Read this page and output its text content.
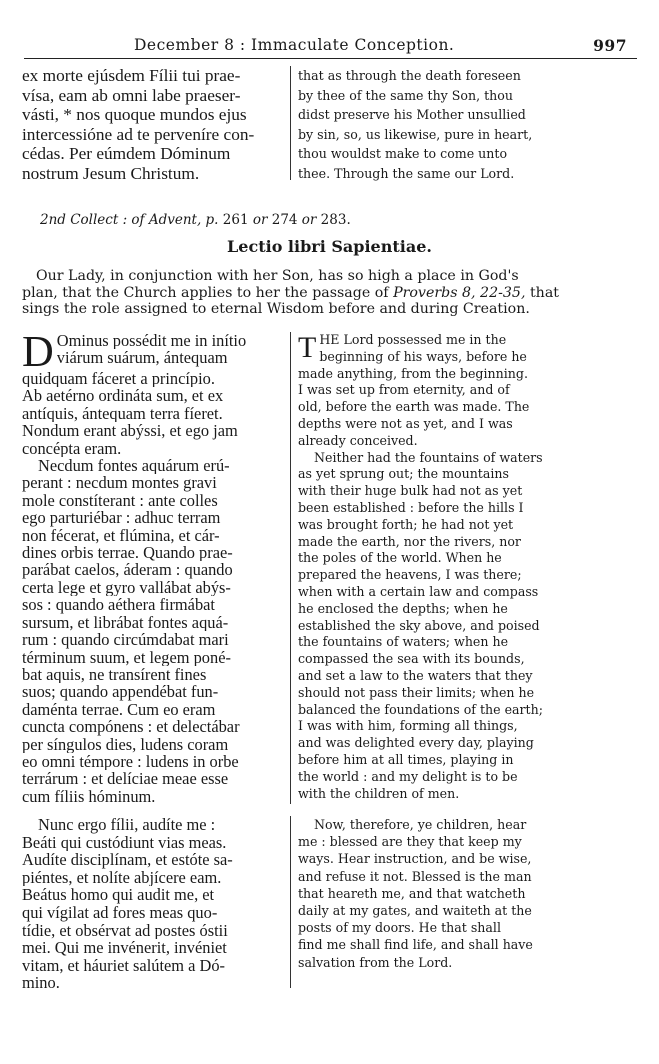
December 8 : Immaculate Conception.	997
ex morte ejúsdem Fílii tui prae-
vísa, eam ab omni labe praeser-
vásti, * nos quoque mundos ejus
intercessióne ad te perveníre con-
cédas. Per eúmdem Dóminum
nostrum Jesum Christum.
that as through the death foreseen
by thee of the same thy Son, thou
didst preserve his Mother unsullied
by sin, so, us likewise, pure in heart,
thou wouldst make to come unto
thee. Through the same our Lord.
2nd Collect : of Advent, p. 261 or 274 or 283.
Lectio libri Sapientiae.
Our Lady, in conjunction with her Son, has so high a place in God's
plan, that the Church applies to her the passage of Proverbs 8, 22-35, that
sings the role assigned to eternal Wisdom before and during Creation.
D Ominus possédit me in inítio
viárum suárum, ántequam
quidquam fáceret a princípio.
Ab aetérno ordináta sum, et ex
antíquis, ántequam terra fíeret.
Nondum erant abýssi, et ego jam
concépta eram.
Necdum fontes aquárum erú-
perant : necdum montes gravi
mole constíterant : ante colles
ego parturiébar : adhuc terram
non fécerat, et flúmina, et cár-
dines orbis terrae. Quando prae-
parábat caelos, áderam : quando
certa lege et gyro vallábat abýs-
sos : quando aéthera firmábat
sursum, et librábat fontes aquá-
rum : quando circúmdabat mari
términum suum, et legem poné-
bat aquis, ne transírent fines
suos; quando appendébat fun-
daménta terrae. Cum eo eram
cuncta compónens : et delectábar
per síngulos dies, ludens coram
eo omni témpore : ludens in orbe
terrárum : et delíciae meae esse
cum fíliis hóminum.
T HE Lord possessed me in the
beginning of his ways, before he
made anything, from the beginning.
I was set up from eternity, and of
old, before the earth was made. The
depths were not as yet, and I was
already conceived.
Neither had the fountains of waters
as yet sprung out; the mountains
with their huge bulk had not as yet
been established : before the hills I
was brought forth; he had not yet
made the earth, nor the rivers, nor
the poles of the world. When he
prepared the heavens, I was there;
when with a certain law and compass
he enclosed the depths; when he
established the sky above, and poised
the fountains of waters; when he
compassed the sea with its bounds,
and set a law to the waters that they
should not pass their limits; when he
balanced the foundations of the earth;
I was with him, forming all things,
and was delighted every day, playing
before him at all times, playing in
the world : and my delight is to be
with the children of men.
Nunc ergo fílii, audíte me :
Beáti qui custódiunt vias meas.
Audíte disciplínam, et estóte sa-
piéntes, et nolíte abjícere eam.
Beátus homo qui audit me, et
qui vígilat ad fores meas quo-
tídie, et obsérvat ad postes óstii
mei. Qui me invénerit, invéniet
vitam, et háuriet salútem a Dó-
mino.
Now, therefore, ye children, hear
me : blessed are they that keep my
ways. Hear instruction, and be wise,
and refuse it not. Blessed is the man
that heareth me, and that watcheth
daily at my gates, and waiteth at the
posts of my doors. He that shall
find me shall find life, and shall have
salvation from the Lord.
